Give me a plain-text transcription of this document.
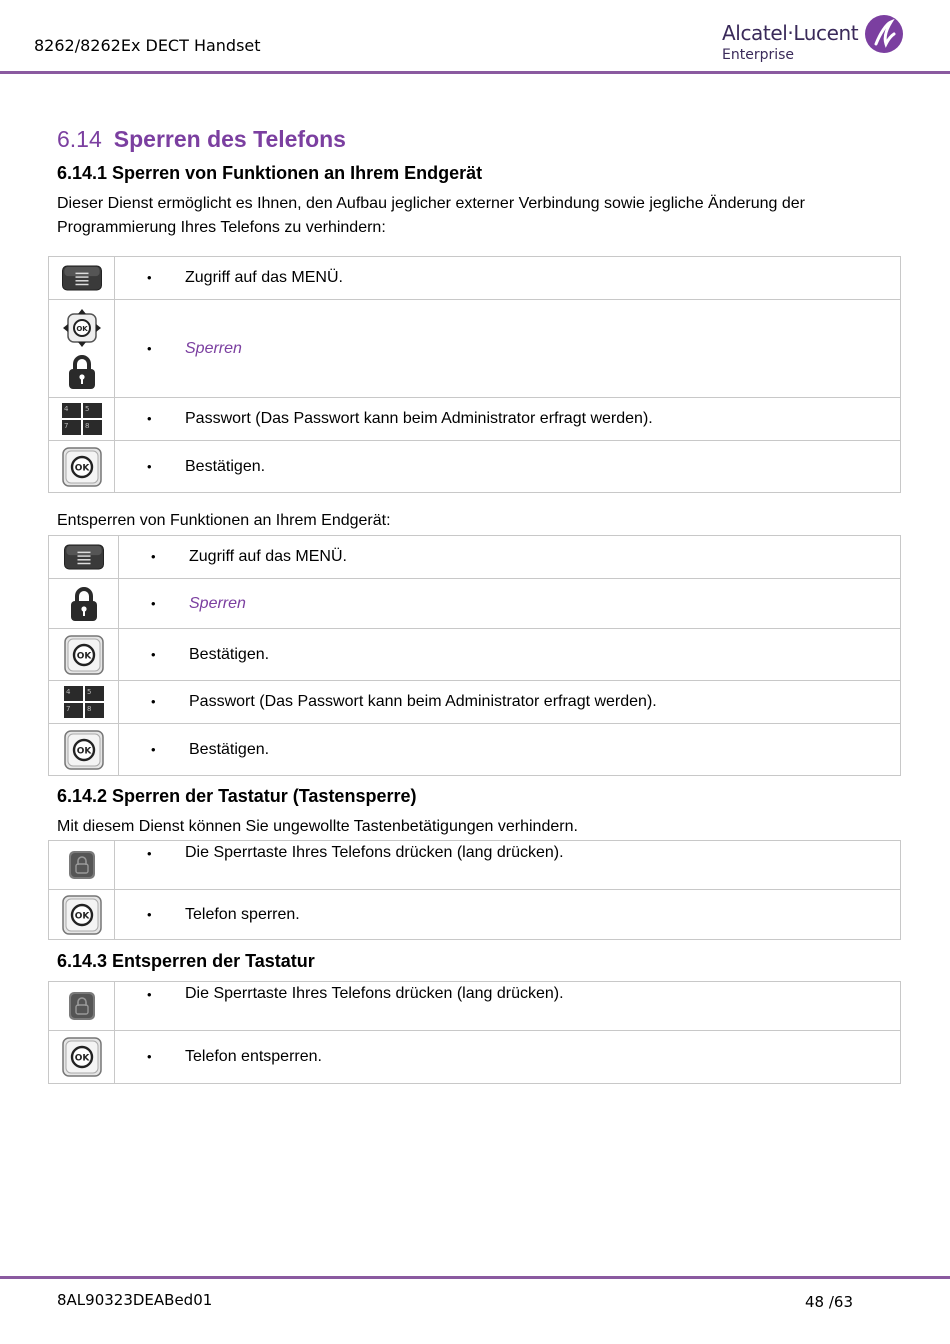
8262/8262Ex DECT Handset
Alcatel·Lucent
Enterprise
6.14 Sperren des Telefons
6.14.1 Sperren von Funktionen an Ihrem Endgerät
Dieser Dienst ermöglicht es Ihnen, den Aufbau jeglicher externer Verbindung sowie jegliche Änderung der Programmierung Ihres Telefons zu verhindern:
	• Zugriff auf das MENÜ.

	• Sperren

	• Passwort (Das Passwort kann beim Administrator erfragt werden).

	• Bestätigen.
Entsperren von Funktionen an Ihrem Endgerät:
	• Zugriff auf das MENÜ.

	• Sperren

	• Bestätigen.

	• Passwort (Das Passwort kann beim Administrator erfragt werden).

	• Bestätigen.
6.14.2 Sperren der Tastatur (Tastensperre)
Mit diesem Dienst können Sie ungewollte Tastenbetätigungen verhindern.
	• Die Sperrtaste Ihres Telefons drücken (lang drücken).

	• Telefon sperren.
6.14.3 Entsperren der Tastatur
	• Die Sperrtaste Ihres Telefons drücken (lang drücken).

	• Telefon entsperren.
8AL90323DEABed01	48 /63
